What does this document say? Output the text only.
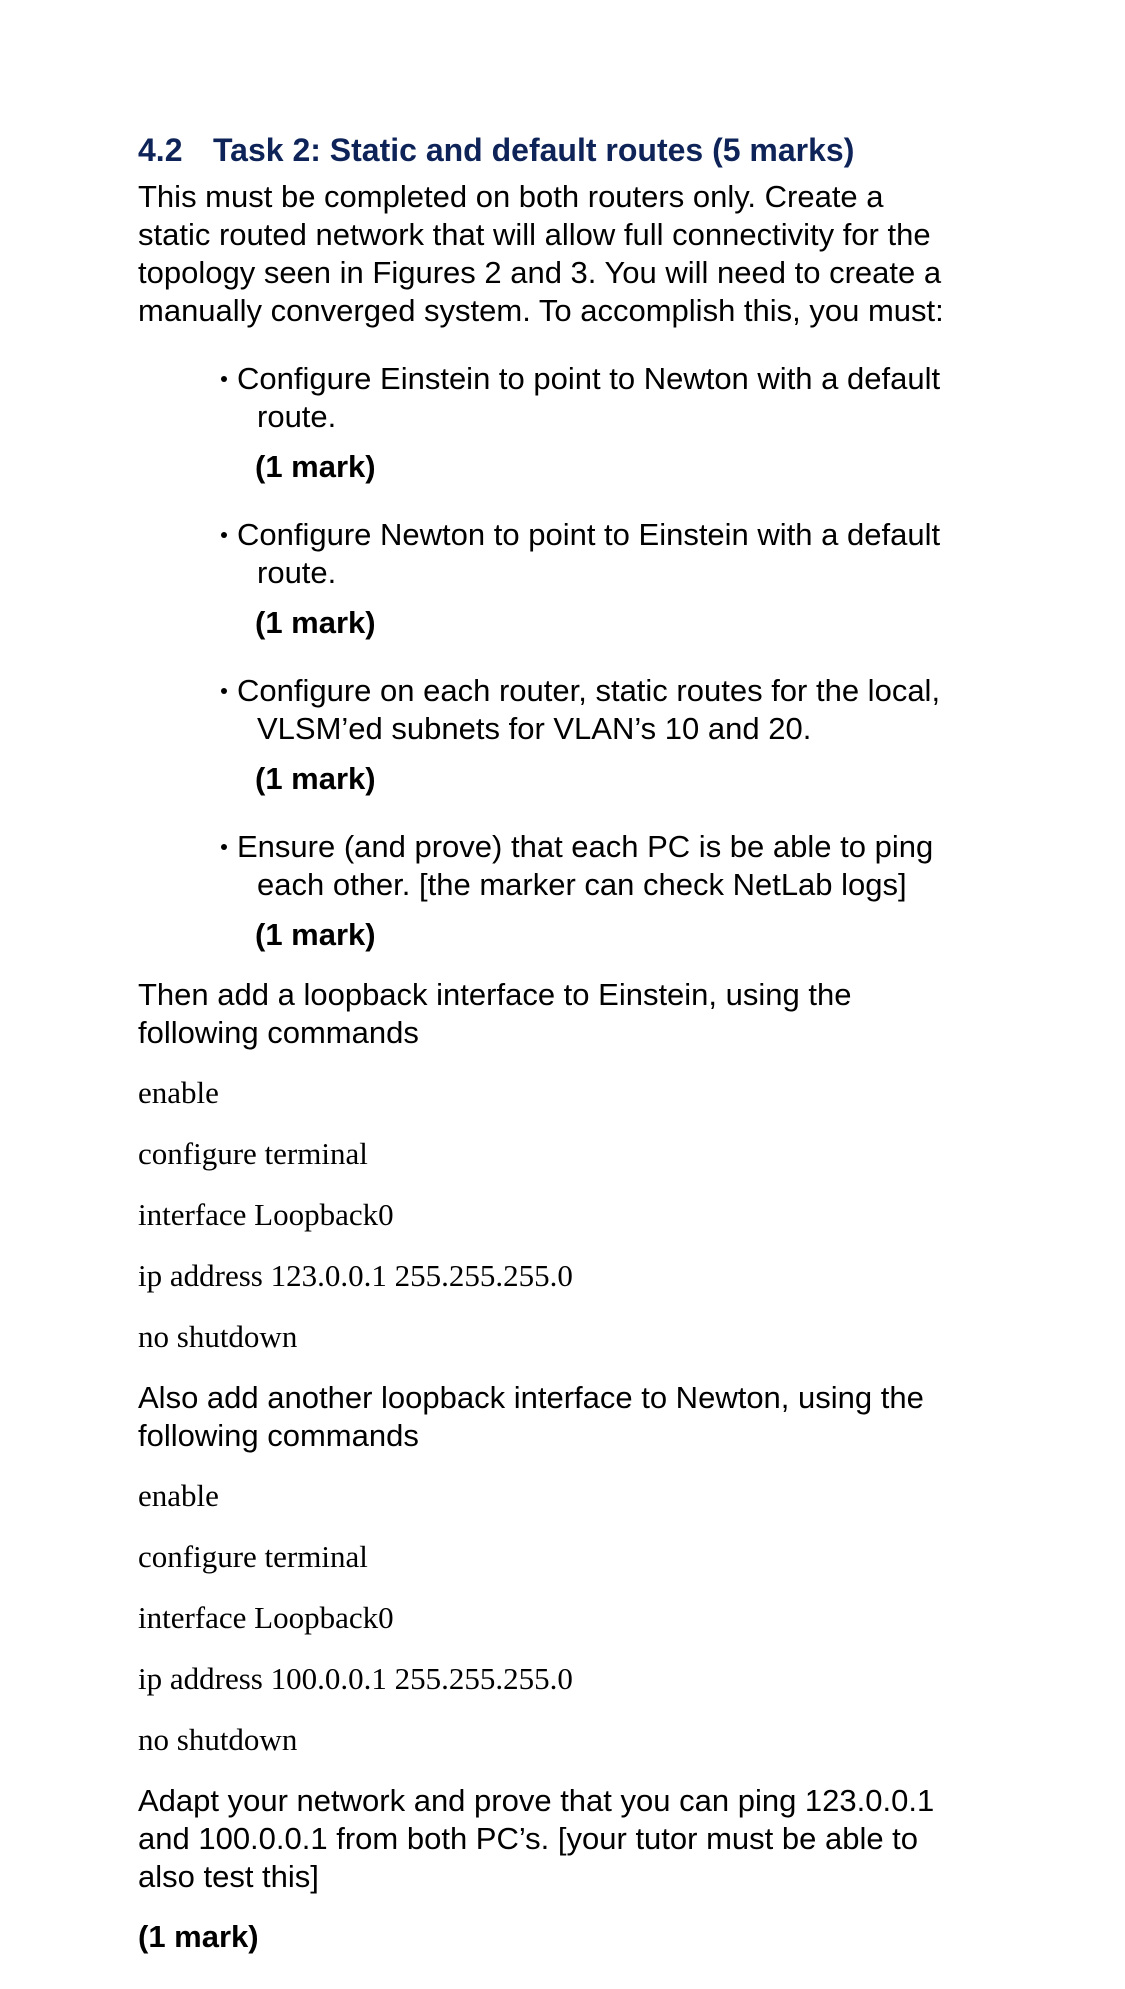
4.2 Task 2: Static and default routes (5 marks)
This must be completed on both routers only. Create a
static routed network that will allow full connectivity for the
topology seen in Figures 2 and 3. You will need to create a
manually converged system. To accomplish this, you must:
Configure Einstein to point to Newton with a default
route.
(1 mark)
Configure Newton to point to Einstein with a default
route.
(1 mark)
Configure on each router, static routes for the local,
VLSM’ed subnets for VLAN’s 10 and 20.
(1 mark)
Ensure (and prove) that each PC is be able to ping
each other. [the marker can check NetLab logs]
(1 mark)
Then add a loopback interface to Einstein, using the
following commands
enable
configure terminal
interface Loopback0
ip address 123.0.0.1 255.255.255.0
no shutdown
Also add another loopback interface to Newton, using the
following commands
enable
configure terminal
interface Loopback0
ip address 100.0.0.1 255.255.255.0
no shutdown
Adapt your network and prove that you can ping 123.0.0.1
and 100.0.0.1 from both PC’s. [your tutor must be able to
also test this]
(1 mark)
